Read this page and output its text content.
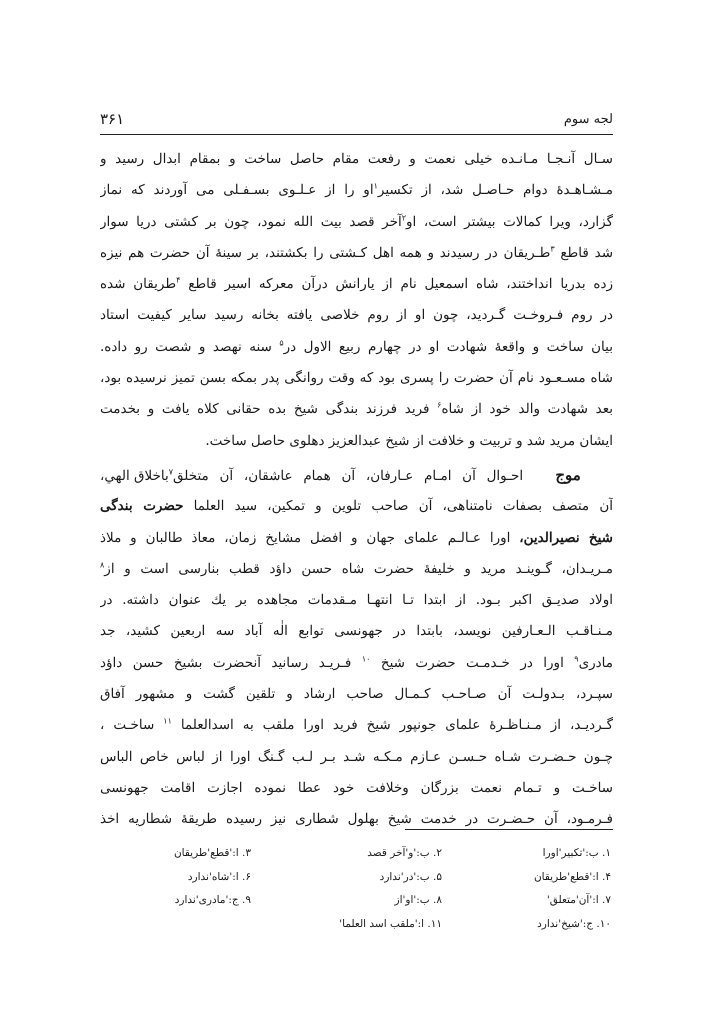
لجه سوم
۳۶۱
سـال آنـجـا مـانـده خیلی نعمت و رفعت مقام حاصل ساخت و بمقام ابدال رسید و
مـشـاهـدۀ دوام حـاصـل شد، از تکسیر$^۱$او را از عـلـوی بسـفـلی می آوردند که نماز
گزارد، ویرا کمالات بیشتر است، او$^۲$آخر قصد بیت الله نمود، چون بر کشتی دریا سوار
شد قاطع $^۳$طـریقان در رسیدند و همه اهل کـشتی را بکشتند، بر سینۀ آن حضرت هم نیزه
زده بدریا انداختند، شاه اسمعیل نام از یارانش درآن معرکه اسیر قاطع $^۴$طریقان شده
در روم فـروخـت گـردید، چون او از روم خلاصی یافته بخانه رسید سایر کیفیت استاد
بیان ساخت و واقعۀ شهادت او در چهارم ربیع الاول در$^۵$ سنه نهصد و شصت رو داده.
شاه مسـعـود نام آن حضرت را پسری بود که وقت روانگی پدر بمکه بسن تمیز نرسیده بود،
بعد شهادت والد خود از شاه$^۶$ فرید فرزند بندگی شیخ بده حقانی کلاه یافت و بخدمت
ایشان مرید شد و تربیت و خلافت از شیخ عبدالعزیز دهلوی حاصل ساخت.
موج   احـوال آن امـام عـارفان، آن همام عاشقان، آن متخلق$^۷$باخلاق الهي،
آن متصف بصفات نامتناهی، آن صاحب تلوین و تمکین، سید العلما حضرت بندگی
شیخ نصیرالدین، اورا عـالـم علمای جهان و افضل مشایخ زمان، معاذ طالبان و ملاذ
مـریـدان، گـوینـد مرید و خلیفۀ حضرت شاه حسن داؤد قطب بنارسی است و از$^۸$
اولاد صدیـق اکبر بـود. از ابتدا تـا انتهـا مـقدمات مجاهده بر یك عنوان داشته. در
مـنـاقـب الـعـارفین نویسد، بابتدا در جهونسی توابع الٰه آباد سه اربعین کشید، جد
مادری$^۹$ اورا در خـدمـت حضرت شیخ $^{۱۰}$ فـریـد رسانید آنحضرت بشیخ حسن داؤد
سپـرد، بـدولـت آن صـاحـب کـمـال صاحب ارشاد و تلقین گشت و مشهور آفاق
گـردیـد، از مـنـاظـرۀ علمای جونپور شیخ فرید اورا ملقب به اسدالعلما $^{۱۱}$ ساخـت ،
چـون حـضـرت شـاه حـسـن عـازم مـکـه شـد بـر لـب گـنگ اورا از لباس خاص الباس
ساخـت و تـمام نعمت بزرگان وخلافت خود عطا نموده اجازت اقامت جهونسی
فـرمـود، آن حـضـرت در خدمت شیخ بهلول شطاری نیز رسیده طریقۀ شطاریه اخذ
۱. ب:'تکبیر'اورا
۲. ب:'و'آخر قصد
۳. ا:'قطع'طریقان
۴. ا:'قطع'طریقان
۵. ب:'در'ندارد
۶. ا:'شاه'ندارد
۷. ا:'آن'متعلق'
۸. ب:'او'از
۹. ج:'مادری'ندارد
۱۰. ج:'شیخ'ندارد
۱۱. ا:'ملقب اسد العلما'
